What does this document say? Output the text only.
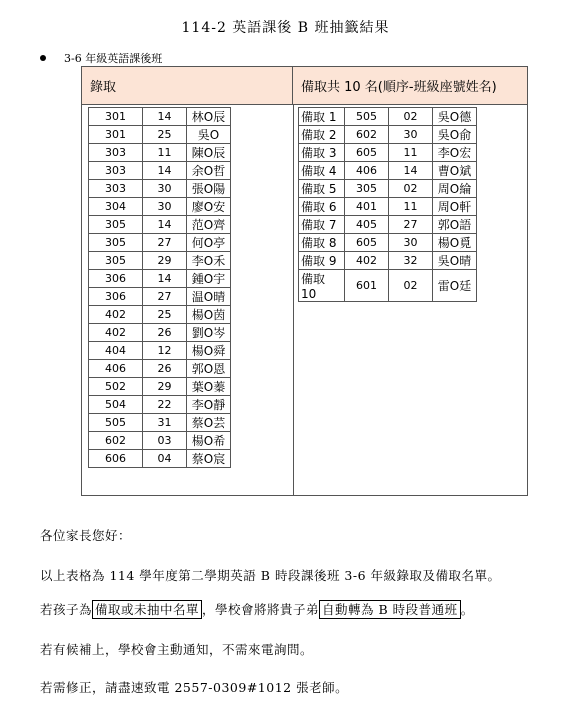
114-2 英語課後 B 班抽籤結果
3-6 年級英語課後班
錄取	備取共 10 名(順序-班級座號姓名)
301	14	林O辰
301	25	吳O
303	11	陳O辰
303	14	余O哲
303	30	張O陽
304	30	廖O安
305	14	范O齊
305	27	何O亭
305	29	李O禾
306	14	鍾O宇
306	27	温O晴
402	25	楊O茵
402	26	劉O岑
404	12	楊O舜
406	26	郭O恩
502	29	葉O蓁
504	22	李O靜
505	31	蔡O芸
602	03	楊O希
606	04	蔡O宸
備取 1	505	02	吳O德
備取 2	602	30	吳O俞
備取 3	605	11	李O宏
備取 4	406	14	曹O斌
備取 5	305	02	周O綸
備取 6	401	11	周O軒
備取 7	405	27	郭O語
備取 8	605	30	楊O覓
備取 9	402	32	吳O晴
備取 10	601	02	雷O廷
各位家長您好：
以上表格為 114 學年度第二學期英語 B 時段課後班 3-6 年級錄取及備取名單。
若孩子為 備取或未抽中名單 ，學校會將將貴子弟 自動轉為 B 時段普通班 。
若有候補上，學校會主動通知，不需來電詢問。
若需修正，請盡速致電 2557-0309#1012 張老師。
